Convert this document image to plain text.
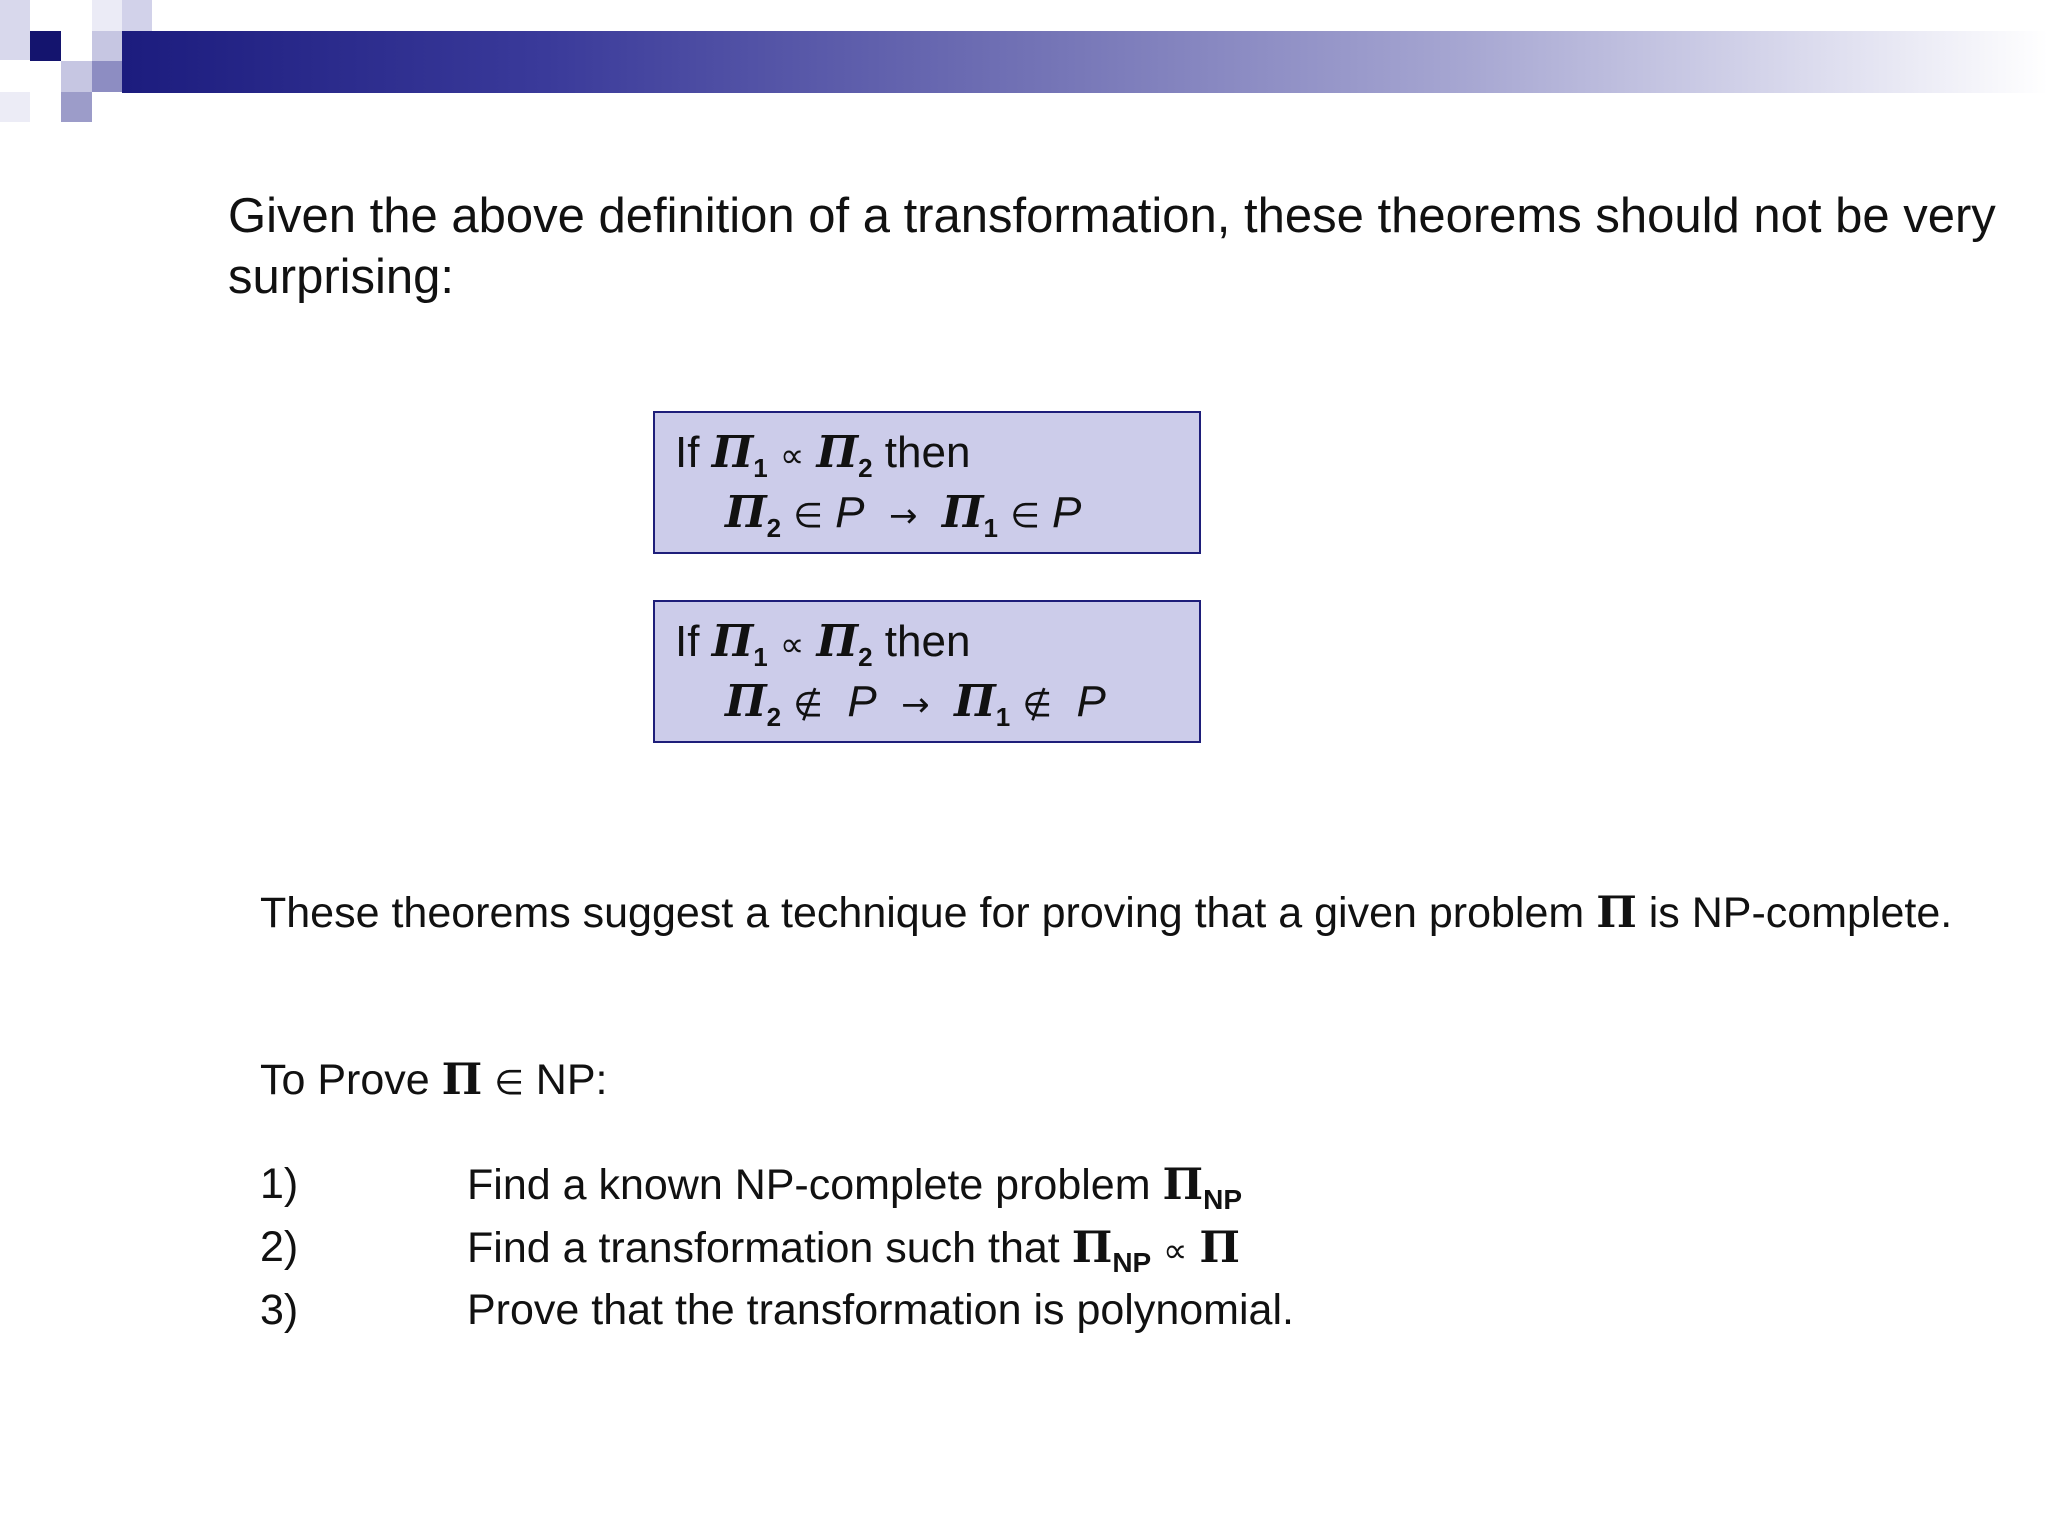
Given the above definition of a transformation, these theorems should not be very surprising:

If $\Pi_1 \propto \Pi_2$ then
$\Pi_2$ ∈ $P \to \Pi_1$ ∈ P
If $\Pi_1 \propto \Pi_2$ then
$\Pi_2$ ∉ $P \to \Pi_1$ ∉ P

These theorems suggest a technique for proving that a given problem Π is NP-complete.

To Prove Π ∈ NP:

1)	Find a known NP-complete problem $\Pi_{NP}$
2)	Find a transformation such that $\Pi_{NP} \propto \Pi$
3)	Prove that the transformation is polynomial.
